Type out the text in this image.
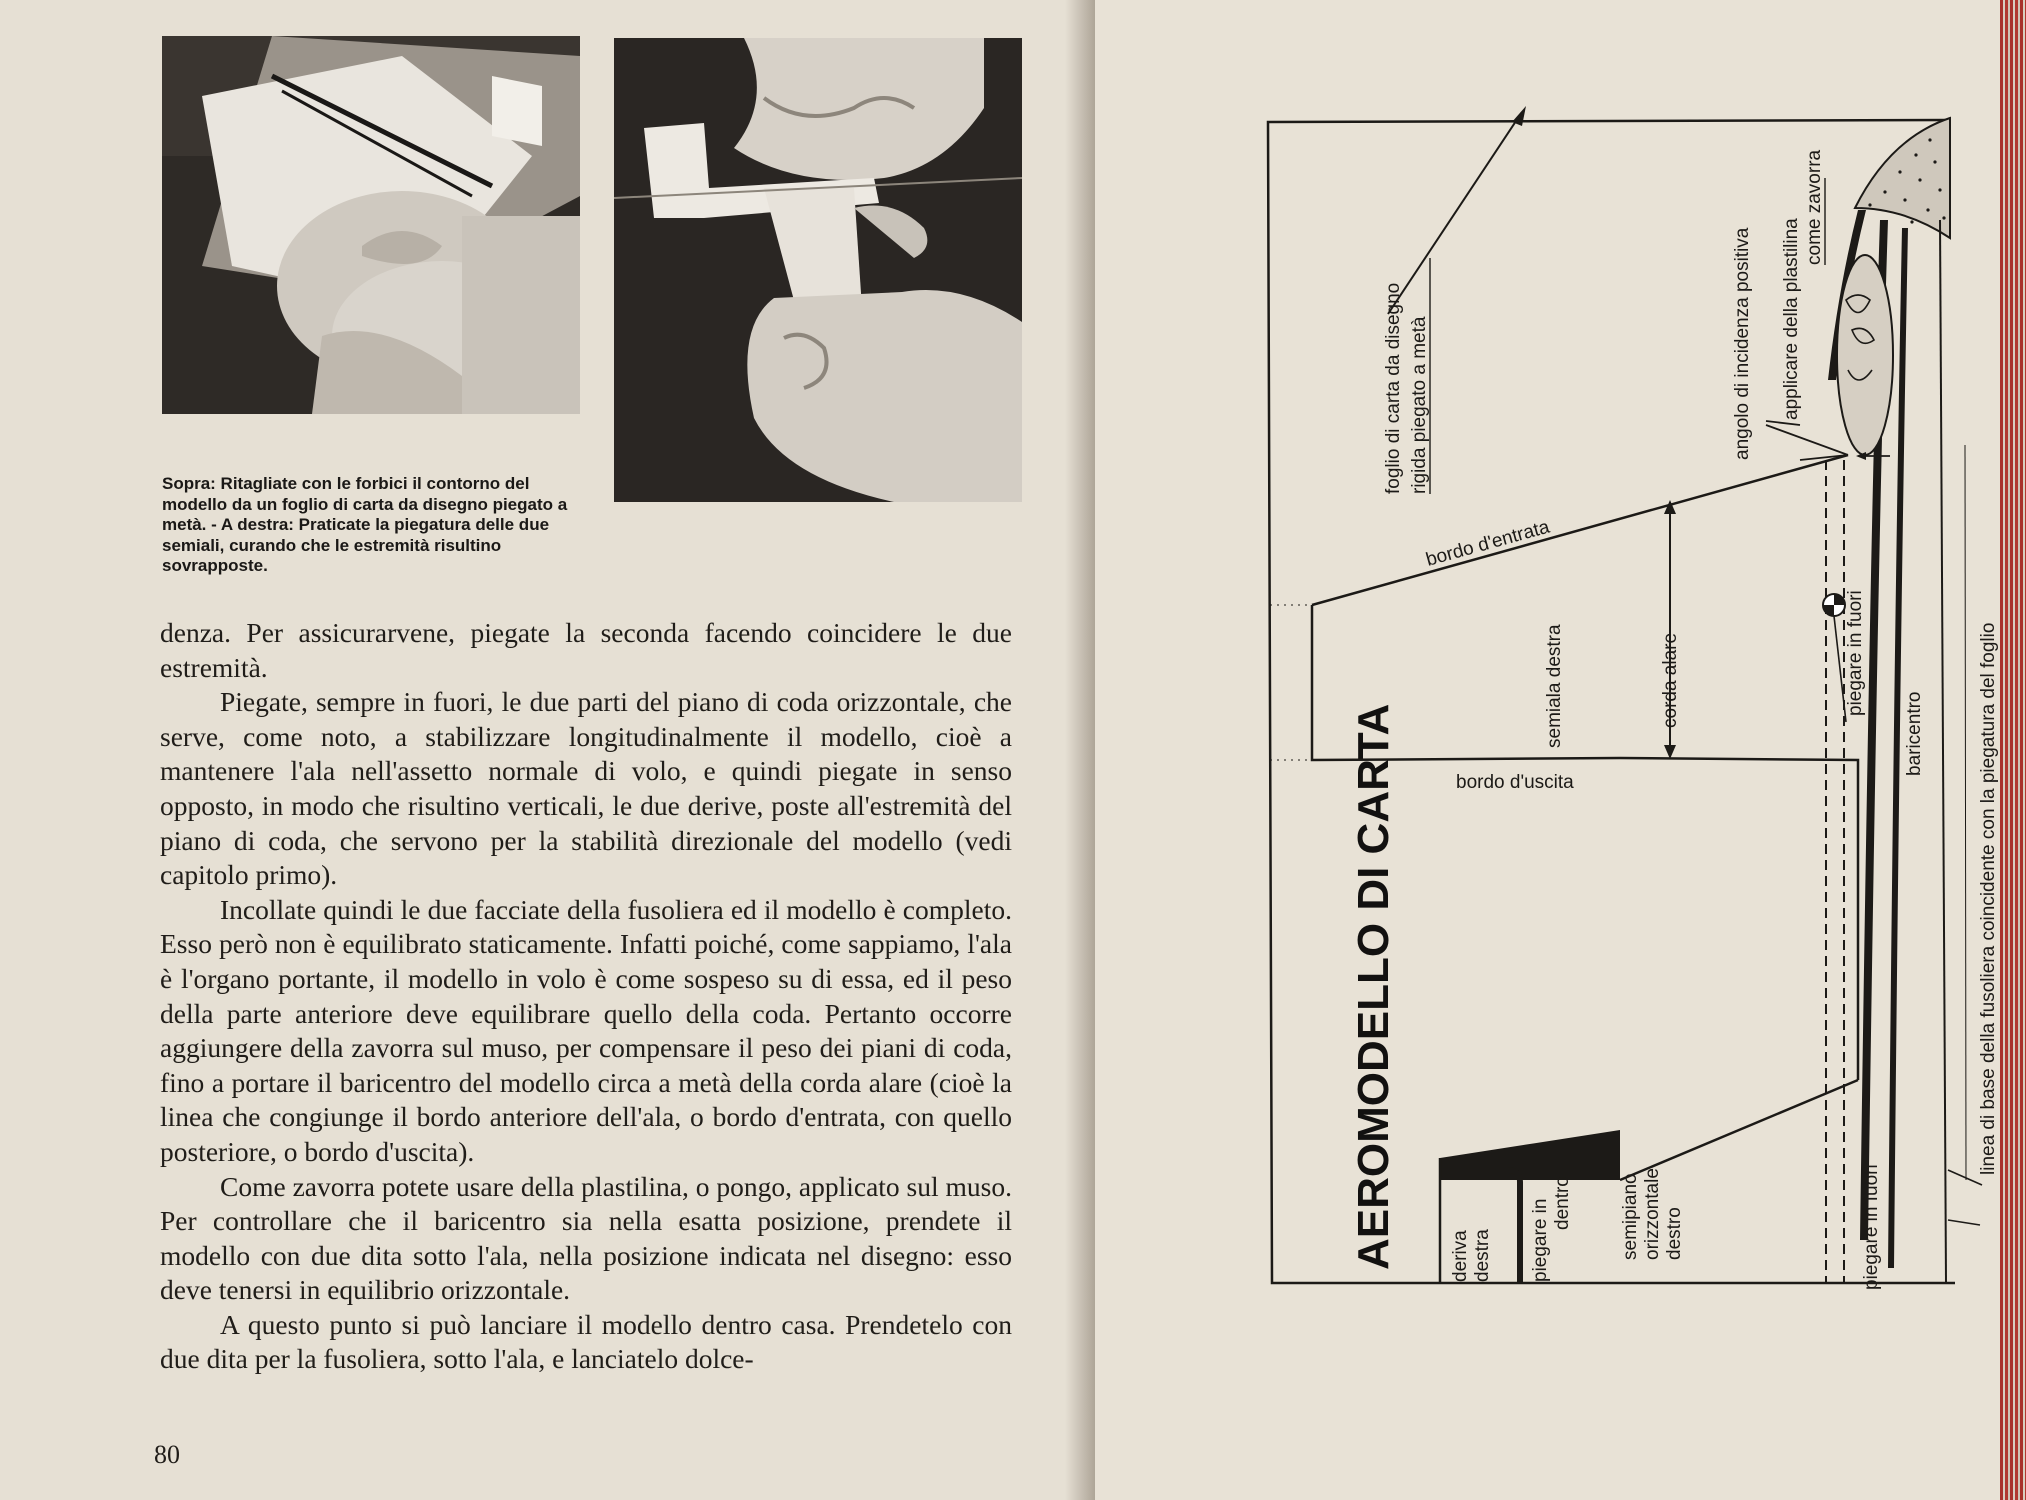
Sopra: Ritagliate con le forbici il contorno del modello da un foglio di carta da disegno piegato a metà. - A destra: Praticate la piegatura delle due semiali, curando che le estremità risultino sovrapposte.

denza. Per assicurarvene, piegate la seconda facendo coincidere le due estremità.

Piegate, sempre in fuori, le due parti del piano di coda orizzontale, che serve, come noto, a stabilizzare longitudinalmente il modello, cioè a mantenere l'ala nell'assetto normale di volo, e quindi piegate in senso opposto, in modo che risultino verticali, le due derive, poste all'estremità del piano di coda, che servono per la stabilità direzionale del modello (vedi capitolo primo).

Incollate quindi le due facciate della fusoliera ed il modello è completo. Esso però non è equilibrato staticamente. Infatti poiché, come sappiamo, l'ala è l'organo portante, il modello in volo è come sospeso su di essa, ed il peso della parte anteriore deve equilibrare quello della coda. Pertanto occorre aggiungere della zavorra sul muso, per compensare il peso dei piani di coda, fino a portare il baricentro del modello circa a metà della corda alare (cioè la linea che congiunge il bordo anteriore dell'ala, o bordo d'entrata, con quello posteriore, o bordo d'uscita).

Come zavorra potete usare della plastilina, o pongo, applicato sul muso. Per controllare che il baricentro sia nella esatta posizione, prendete il modello con due dita sotto l'ala, nella posizione indicata nel disegno: esso deve tenersi in equilibrio orizzontale.

A questo punto si può lanciare il modello dentro casa. Prendetelo con due dita per la fusoliera, sotto l'ala, e lanciatelo dolce-

80
AEROMODELLO DI CARTA
foglio di carta da disegno rigida piegato a metà
bordo d'entrata
bordo d'uscita
semiala destra	corda alare
angolo di incidenza positiva applicare della plastilina
come zavorra
piegare in fuori
baricentro	linea di base della fusoliera coincidente con la piegatura del foglio
deriva destra piegare in dentro semipiano orizzontale destro	piegare in fuori
